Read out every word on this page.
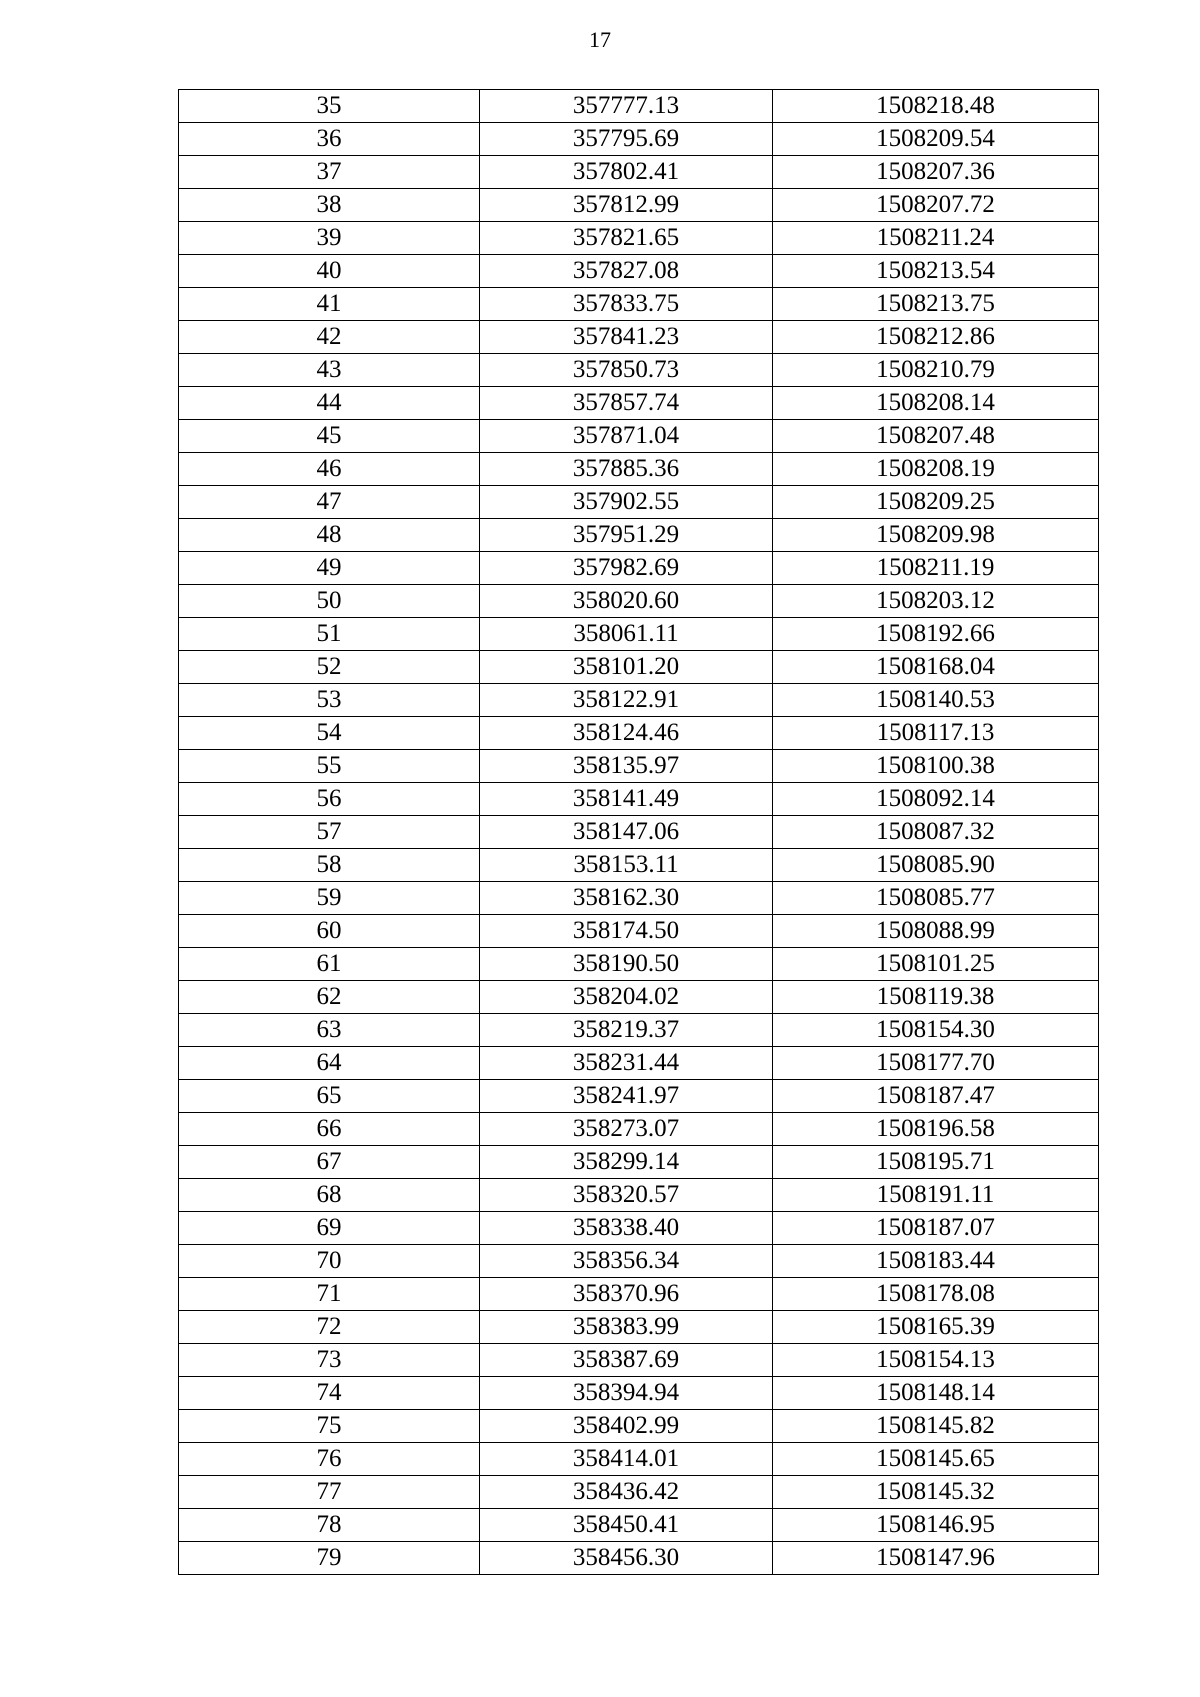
17
35	357777.13	1508218.48
36	357795.69	1508209.54
37	357802.41	1508207.36
38	357812.99	1508207.72
39	357821.65	1508211.24
40	357827.08	1508213.54
41	357833.75	1508213.75
42	357841.23	1508212.86
43	357850.73	1508210.79
44	357857.74	1508208.14
45	357871.04	1508207.48
46	357885.36	1508208.19
47	357902.55	1508209.25
48	357951.29	1508209.98
49	357982.69	1508211.19
50	358020.60	1508203.12
51	358061.11	1508192.66
52	358101.20	1508168.04
53	358122.91	1508140.53
54	358124.46	1508117.13
55	358135.97	1508100.38
56	358141.49	1508092.14
57	358147.06	1508087.32
58	358153.11	1508085.90
59	358162.30	1508085.77
60	358174.50	1508088.99
61	358190.50	1508101.25
62	358204.02	1508119.38
63	358219.37	1508154.30
64	358231.44	1508177.70
65	358241.97	1508187.47
66	358273.07	1508196.58
67	358299.14	1508195.71
68	358320.57	1508191.11
69	358338.40	1508187.07
70	358356.34	1508183.44
71	358370.96	1508178.08
72	358383.99	1508165.39
73	358387.69	1508154.13
74	358394.94	1508148.14
75	358402.99	1508145.82
76	358414.01	1508145.65
77	358436.42	1508145.32
78	358450.41	1508146.95
79	358456.30	1508147.96
